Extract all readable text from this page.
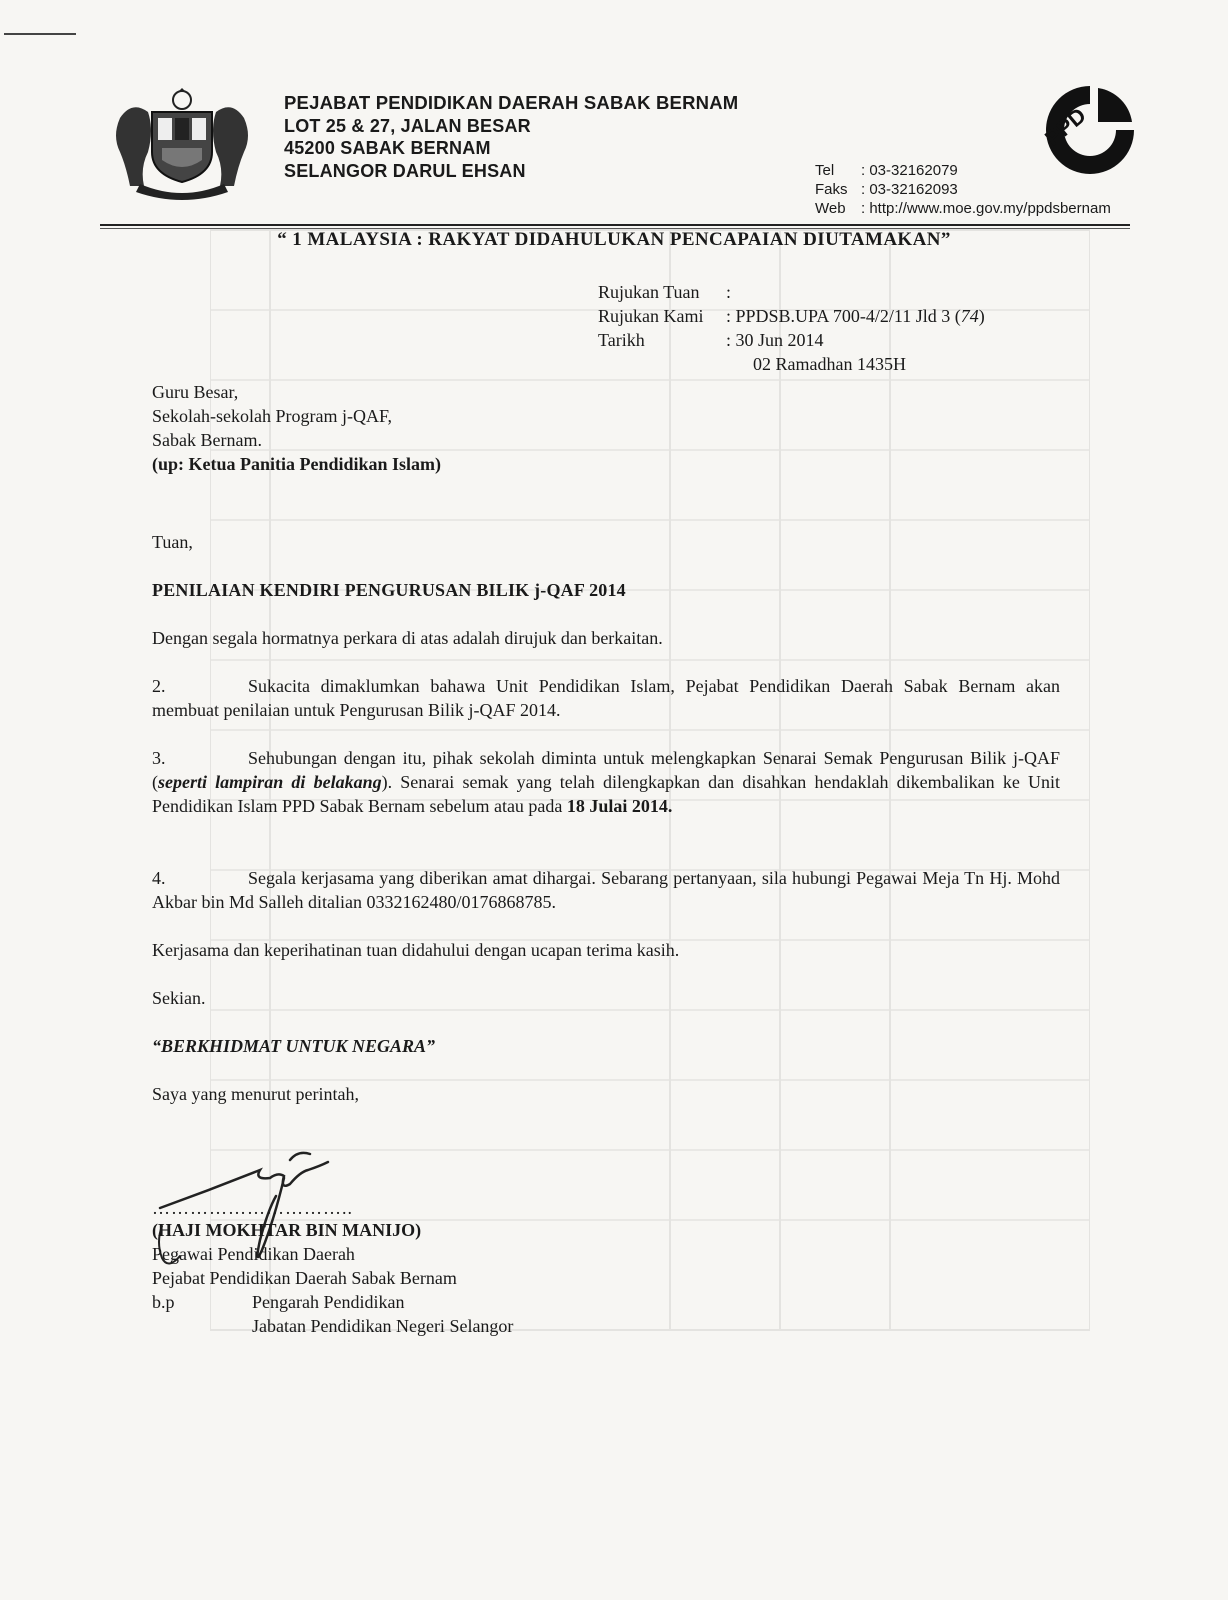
PEJABAT PENDIDIKAN DAERAH SABAK BERNAM
LOT 25 & 27, JALAN BESAR
45200 SABAK BERNAM
SELANGOR DARUL EHSAN	Tel : 03-32162079
Faks : 03-32162093
Web : http://www.moe.gov.my/ppdsbernam
PPD
“ 1 MALAYSIA : RAKYAT DIDAHULUKAN PENCAPAIAN DIUTAMAKAN”
Rujukan Tuan :
Rujukan Kami : PPDSB.UPA 700-4/2/11 Jld 3 (74)
Tarikh	: 30 Jun 2014
02 Ramadhan 1435H
Guru Besar,
Sekolah-sekolah Program j-QAF,
Sabak Bernam.
(up: Ketua Panitia Pendidikan Islam)
Tuan,
PENILAIAN KENDIRI PENGURUSAN BILIK j-QAF 2014
Dengan segala hormatnya perkara di atas adalah dirujuk dan berkaitan.
2.	Sukacita dimaklumkan bahawa Unit Pendidikan Islam, Pejabat Pendidikan Daerah Sabak Bernam akan membuat penilaian untuk Pengurusan Bilik j-QAF 2014.
3.	Sehubungan dengan itu, pihak sekolah diminta untuk melengkapkan Senarai Semak Pengurusan Bilik j-QAF (seperti lampiran di belakang). Senarai semak yang telah dilengkapkan dan disahkan hendaklah dikembalikan ke Unit Pendidikan Islam PPD Sabak Bernam sebelum atau pada 18 Julai 2014.
4.	Segala kerjasama yang diberikan amat dihargai. Sebarang pertanyaan, sila hubungi Pegawai Meja Tn Hj. Mohd Akbar bin Md Salleh ditalian 0332162480/0176868785.
Kerjasama dan keperihatinan tuan didahului dengan ucapan terima kasih.
Sekian.
“BERKHIDMAT UNTUK NEGARA”
Saya yang menurut perintah,
…………………………..
(HAJI MOKHTAR BIN MANIJO)
Pegawai Pendidikan Daerah
Pejabat Pendidikan Daerah Sabak Bernam
b.p	Pengarah Pendidikan
Jabatan Pendidikan Negeri Selangor
